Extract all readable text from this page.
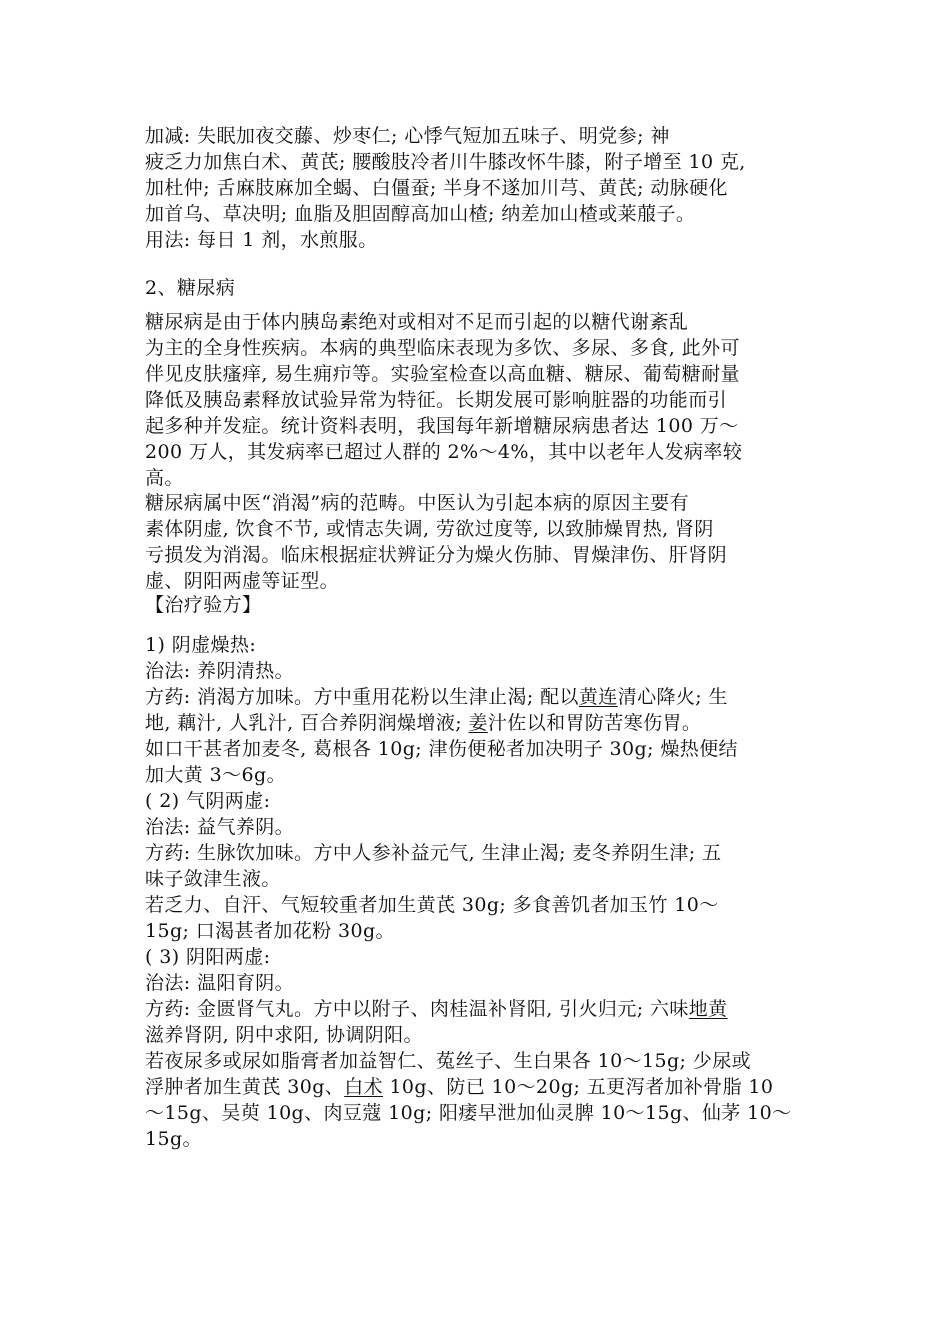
加减: 失眠加夜交藤、炒枣仁; 心悸气短加五味子、明党参; 神
疲乏力加焦白术、黄芪; 腰酸肢冷者川牛膝改怀牛膝，附子增至 10 克,
加杜仲; 舌麻肢麻加全蝎、白僵蚕; 半身不遂加川芎、黄芪; 动脉硬化
加首乌、草决明; 血脂及胆固醇高加山楂; 纳差加山楂或莱菔子。
用法: 每日 1 剂，水煎服。
2、糖尿病
糖尿病是由于体内胰岛素绝对或相对不足而引起的以糖代谢紊乱
为主的全身性疾病。本病的典型临床表现为多饮、多尿、多食, 此外可
伴见皮肤瘙痒, 易生痈疖等。实验室检查以高血糖、糖尿、葡萄糖耐量
降低及胰岛素释放试验异常为特征。长期发展可影响脏器的功能而引
起多种并发症。统计资料表明，我国每年新增糖尿病患者达 100 万～
200 万人，其发病率已超过人群的 2%～4%，其中以老年人发病率较
高。
糖尿病属中医“消渴”病的范畴。中医认为引起本病的原因主要有
素体阴虚, 饮食不节, 或情志失调, 劳欲过度等, 以致肺燥胃热, 肾阴
亏损发为消渴。临床根据症状辨证分为燥火伤肺、胃燥津伤、肝肾阴
虚、阴阳两虚等证型。
【治疗验方】
1) 阴虚燥热:
治法: 养阴清热。
方药: 消渴方加味。方中重用花粉以生津止渴; 配以黄连清心降火; 生
地, 藕汁, 人乳汁, 百合养阴润燥增液; 姜汁佐以和胃防苦寒伤胃。
如口干甚者加麦冬, 葛根各 10g; 津伤便秘者加决明子 30g; 燥热便结
加大黄 3～6g。
( 2) 气阴两虚:
治法: 益气养阴。
方药: 生脉饮加味。方中人参补益元气, 生津止渴; 麦冬养阴生津; 五
味子敛津生液。
若乏力、自汗、气短较重者加生黄芪 30g; 多食善饥者加玉竹 10～
15g; 口渴甚者加花粉 30g。
( 3) 阴阳两虚:
治法: 温阳育阴。
方药: 金匮肾气丸。方中以附子、肉桂温补肾阳, 引火归元; 六味地黄
滋养肾阴, 阴中求阳, 协调阴阳。
若夜尿多或尿如脂膏者加益智仁、菟丝子、生白果各 10～15g; 少尿或
浮肿者加生黄芪 30g、白术 10g、防已 10～20g; 五更泻者加补骨脂 10
～15g、吴萸 10g、肉豆蔻 10g; 阳痿早泄加仙灵脾 10～15g、仙茅 10～
15g。
